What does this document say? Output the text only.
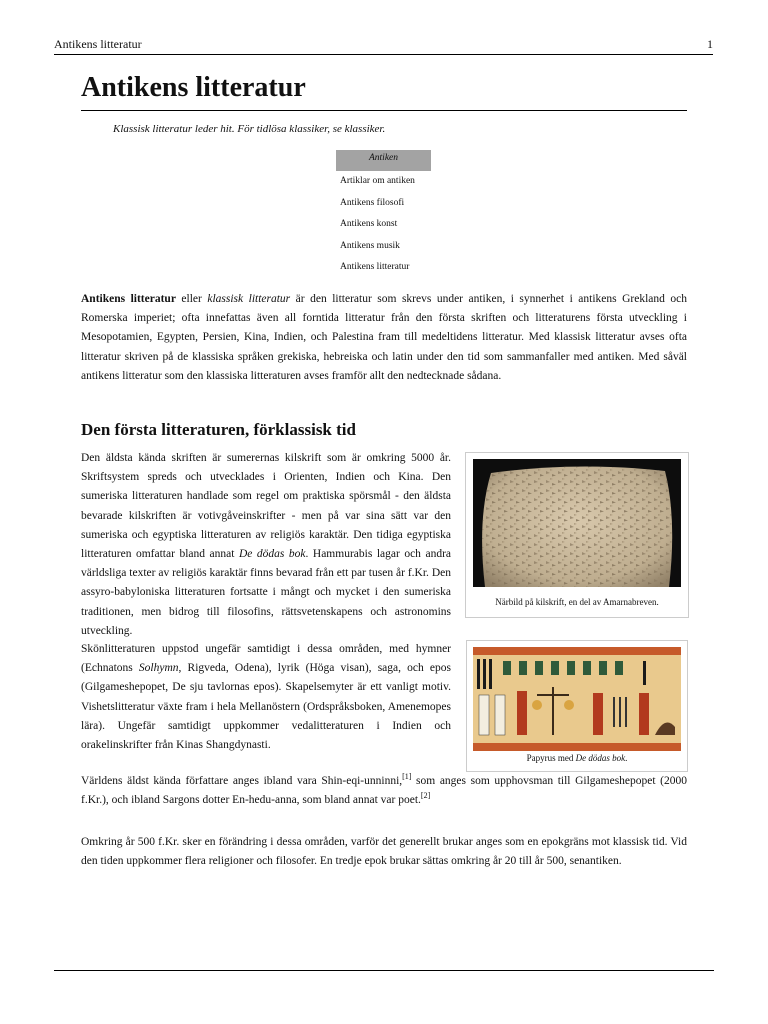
Antikens litteratur	1
Antikens litteratur
Klassisk litteratur leder hit. För tidlösa klassiker, se klassiker.
Antiken
Artiklar om antiken
Antikens filosofi
Antikens konst
Antikens musik
Antikens litteratur

Antikens litteratur eller klassisk litteratur är den litteratur som skrevs under antiken, i synnerhet i antikens Grekland och Romerska imperiet; ofta innefattas även all forntida litteratur från den första skriften och litteraturens första utveckling i Mesopotamien, Egypten, Persien, Kina, Indien, och Palestina fram till medeltidens litteratur. Med klassisk litteratur avses ofta litteratur skriven på de klassiska språken grekiska, hebreiska och latin under den tid som sammanfaller med antiken. Med såväl antikens litteratur som den klassiska litteraturen avses framför allt den nedtecknade sådana.

Den första litteraturen, förklassisk tid

Den äldsta kända skriften är sumerernas kilskrift som är omkring 5000 år. Skriftsystem spreds och utvecklades i Orienten, Indien och Kina. Den sumeriska litteraturen handlade som regel om praktiska spörsmål - den äldsta bevarade kilskriften är votivgåveinskrifter - men på var sina sätt var den sumeriska och egyptiska litteraturen av religiös karaktär. Den tidiga egyptiska litteraturen omfattar bland annat De dödas bok. Hammurabis lagar och andra världsliga texter av religiös karaktär finns bevarad från ett par tusen år f.Kr. Den assyro-babyloniska litteraturen fortsatte i mångt och mycket i den sumeriska traditionen, men bidrog till filosofins, rättsvetenskapens och astronomins utveckling.

Skönlitteraturen uppstod ungefär samtidigt i dessa områden, med hymner (Echnatons Solhymn, Rigveda, Odena), lyrik (Höga visan), saga, och epos (Gilgameshepopet, De sju tavlornas epos). Skapelsemyter är ett vanligt motiv. Vishetslitteratur växte fram i hela Mellanöstern (Ordspråksboken, Amenemopes lära). Ungefär samtidigt uppkommer vedalitteraturen i Indien och orakelinskrifter från Kinas Shangdynasti.

Världens äldst kända författare anges ibland vara Shin-eqi-unninni,[1] som anges som upphovsman till Gilgameshepopet (2000 f.Kr.), och ibland Sargons dotter En-hedu-anna, som bland annat var poet.[2]

Omkring år 500 f.Kr. sker en förändring i dessa områden, varför det generellt brukar anges som en epokgräns mot klassisk tid. Vid den tiden uppkommer flera religioner och filosofer. En tredje epok brukar sättas omkring år 20 till år 500, senantiken.

Närbild på kilskrift, en del av Amarnabreven.
Papyrus med De dödas bok.
